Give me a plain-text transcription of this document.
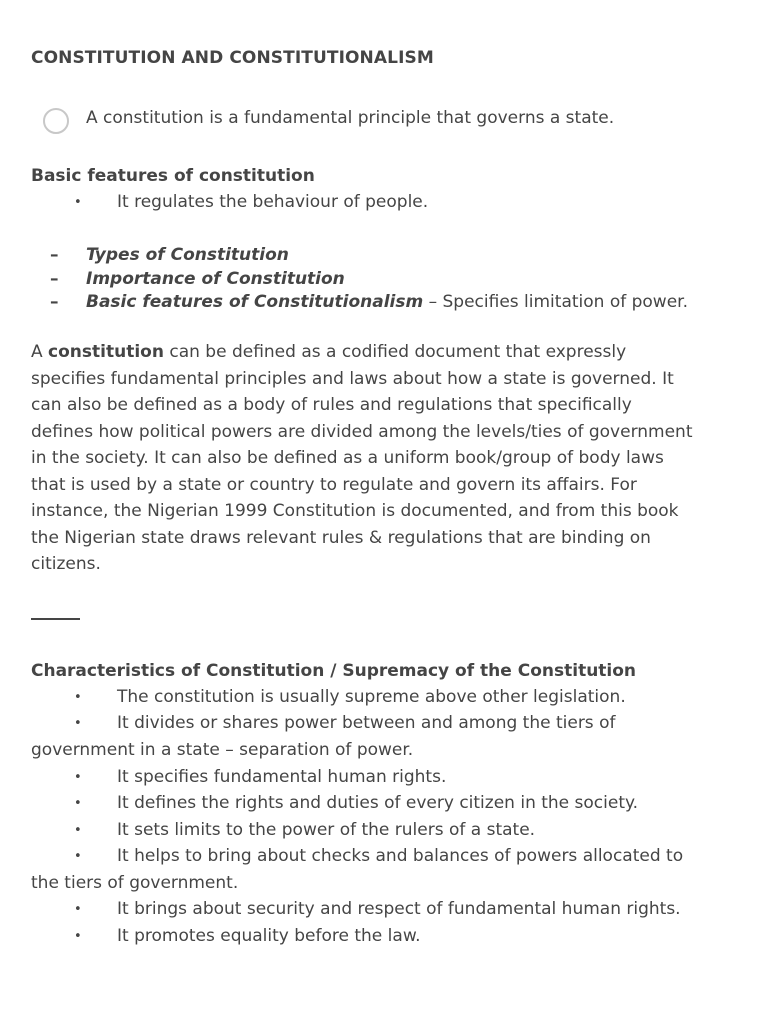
CONSTITUTION AND CONSTITUTIONALISM
A constitution is a fundamental principle that governs a state.
Basic features of constitution
• It regulates the behaviour of people.
– Types of Constitution
– Importance of Constitution
– Basic features of Constitutionalism – Specifies limitation of power.
A constitution can be defined as a codified document that expressly
specifies fundamental principles and laws about how a state is governed. It
can also be defined as a body of rules and regulations that specifically
defines how political powers are divided among the levels/ties of government
in the society. It can also be defined as a uniform book/group of body laws
that is used by a state or country to regulate and govern its affairs. For
instance, the Nigerian 1999 Constitution is documented, and from this book
the Nigerian state draws relevant rules & regulations that are binding on
citizens.
Characteristics of Constitution / Supremacy of the Constitution
• The constitution is usually supreme above other legislation.
• It divides or shares power between and among the tiers of
government in a state – separation of power.
• It specifies fundamental human rights.
• It defines the rights and duties of every citizen in the society.
• It sets limits to the power of the rulers of a state.
• It helps to bring about checks and balances of powers allocated to
the tiers of government.
• It brings about security and respect of fundamental human rights.
• It promotes equality before the law.
